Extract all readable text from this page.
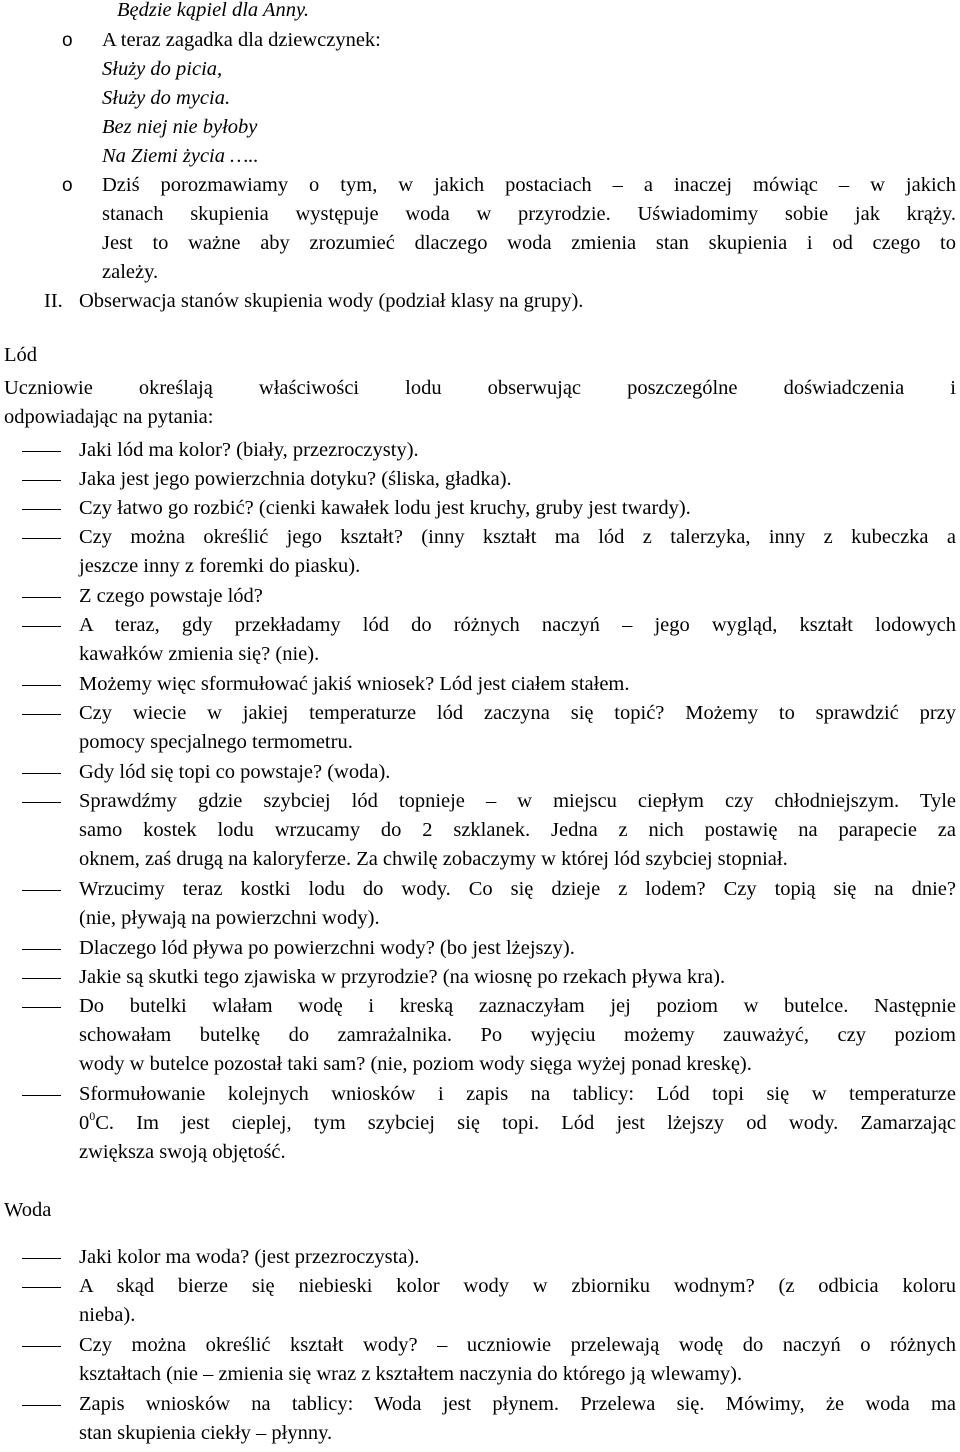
Będzie kąpiel dla Anny.
o A teraz zagadka dla dziewczynek:
Służy do picia,
Służy do mycia.
Bez niej nie byłoby
Na Ziemi życia …..
o Dziś porozmawiamy o tym, w jakich postaciach – a inaczej mówiąc – w jakich
stanach skupienia występuje woda w przyrodzie. Uświadomimy sobie jak krąży.
Jest to ważne aby zrozumieć dlaczego woda zmienia stan skupienia i od czego to
zależy.
II. Obserwacja stanów skupienia wody (podział klasy na grupy).
Lód
Uczniowie określają właściwości lodu obserwując poszczególne doświadczenia i
odpowiadając na pytania:
Jaki lód ma kolor? (biały, przezroczysty).
Jaka jest jego powierzchnia dotyku? (śliska, gładka).
Czy łatwo go rozbić? (cienki kawałek lodu jest kruchy, gruby jest twardy).
Czy można określić jego kształt? (inny kształt ma lód z talerzyka, inny z kubeczka a
jeszcze inny z foremki do piasku).
Z czego powstaje lód?
A teraz, gdy przekładamy lód do różnych naczyń – jego wygląd, kształt lodowych
kawałków zmienia się? (nie).
Możemy więc sformułować jakiś wniosek? Lód jest ciałem stałem.
Czy wiecie w jakiej temperaturze lód zaczyna się topić? Możemy to sprawdzić przy
pomocy specjalnego termometru.
Gdy lód się topi co powstaje? (woda).
Sprawdźmy gdzie szybciej lód topnieje – w miejscu ciepłym czy chłodniejszym. Tyle
samo kostek lodu wrzucamy do 2 szklanek. Jedna z nich postawię na parapecie za
oknem, zaś drugą na kaloryferze. Za chwilę zobaczymy w której lód szybciej stopniał.
Wrzucimy teraz kostki lodu do wody. Co się dzieje z lodem? Czy topią się na dnie?
(nie, pływają na powierzchni wody).
Dlaczego lód pływa po powierzchni wody? (bo jest lżejszy).
Jakie są skutki tego zjawiska w przyrodzie? (na wiosnę po rzekach pływa kra).
Do butelki wlałam wodę i kreską zaznaczyłam jej poziom w butelce. Następnie
schowałam butelkę do zamrażalnika. Po wyjęciu możemy zauważyć, czy poziom
wody w butelce pozostał taki sam? (nie, poziom wody sięga wyżej ponad kreskę).
Sformułowanie kolejnych wniosków i zapis na tablicy: Lód topi się w temperaturze
$0^0C$. Im jest cieplej, tym szybciej się topi. Lód jest lżejszy od wody. Zamarzając
zwiększa swoją objętość.
Woda
Jaki kolor ma woda? (jest przezroczysta).
A skąd bierze się niebieski kolor wody w zbiorniku wodnym? (z odbicia koloru
nieba).
Czy można określić kształt wody? – uczniowie przelewają wodę do naczyń o różnych
kształtach (nie – zmienia się wraz z kształtem naczynia do którego ją wlewamy).
Zapis wniosków na tablicy: Woda jest płynem. Przelewa się. Mówimy, że woda ma
stan skupienia ciekły – płynny.
